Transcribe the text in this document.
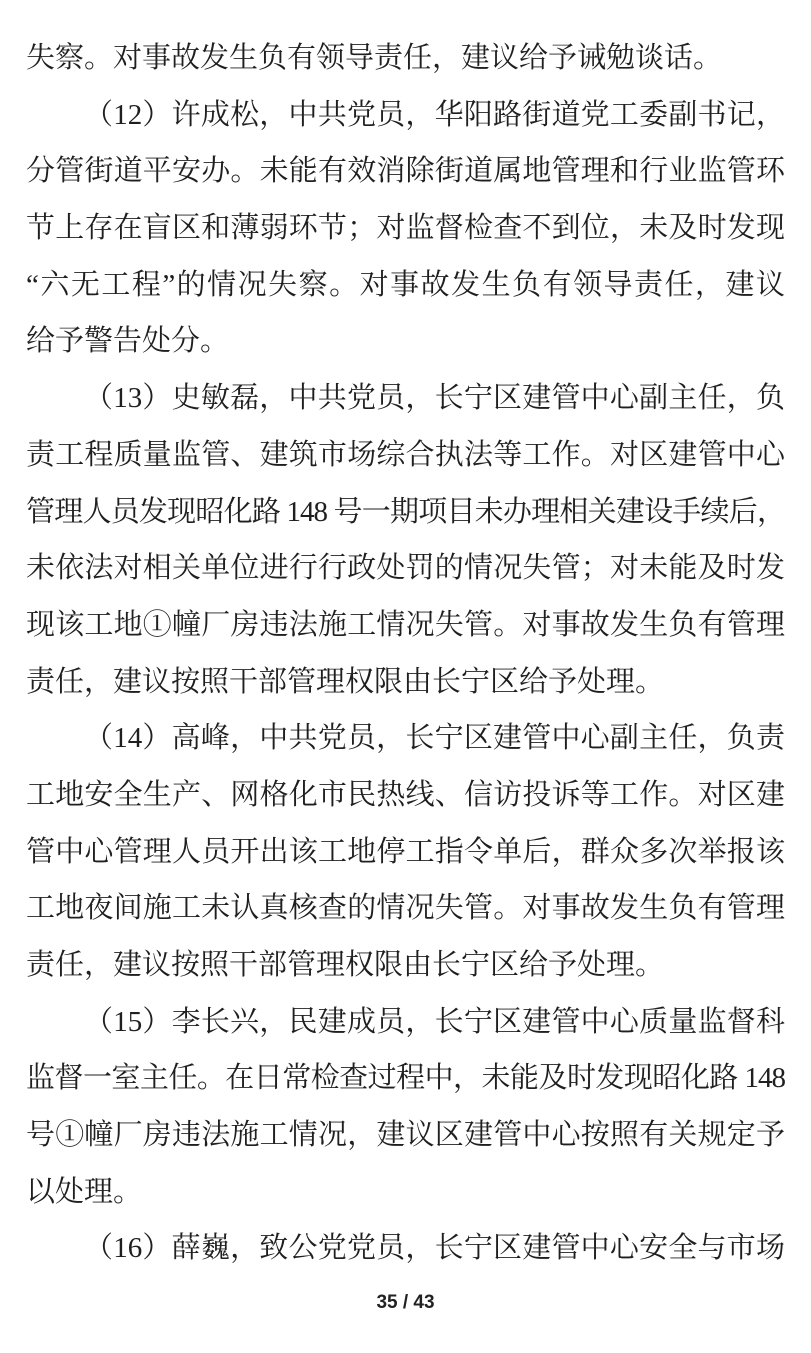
失察。对事故发生负有领导责任，建议给予诫勉谈话。
（12）许成松，中共党员，华阳路街道党工委副书记，
分管街道平安办。未能有效消除街道属地管理和行业监管环
节上存在盲区和薄弱环节；对监督检查不到位，未及时发现
“六无工程”的情况失察。对事故发生负有领导责任，建议
给予警告处分。
（13）史敏磊，中共党员，长宁区建管中心副主任，负
责工程质量监管、建筑市场综合执法等工作。对区建管中心
管理人员发现昭化路 148 号一期项目未办理相关建设手续后，
未依法对相关单位进行行政处罚的情况失管；对未能及时发
现该工地①幢厂房违法施工情况失管。对事故发生负有管理
责任，建议按照干部管理权限由长宁区给予处理。
（14）高峰，中共党员，长宁区建管中心副主任，负责
工地安全生产、网格化市民热线、信访投诉等工作。对区建
管中心管理人员开出该工地停工指令单后，群众多次举报该
工地夜间施工未认真核查的情况失管。对事故发生负有管理
责任，建议按照干部管理权限由长宁区给予处理。
（15）李长兴，民建成员，长宁区建管中心质量监督科
监督一室主任。在日常检查过程中，未能及时发现昭化路 148
号①幢厂房违法施工情况，建议区建管中心按照有关规定予
以处理。
（16）薛巍，致公党党员，长宁区建管中心安全与市场
35 / 43
